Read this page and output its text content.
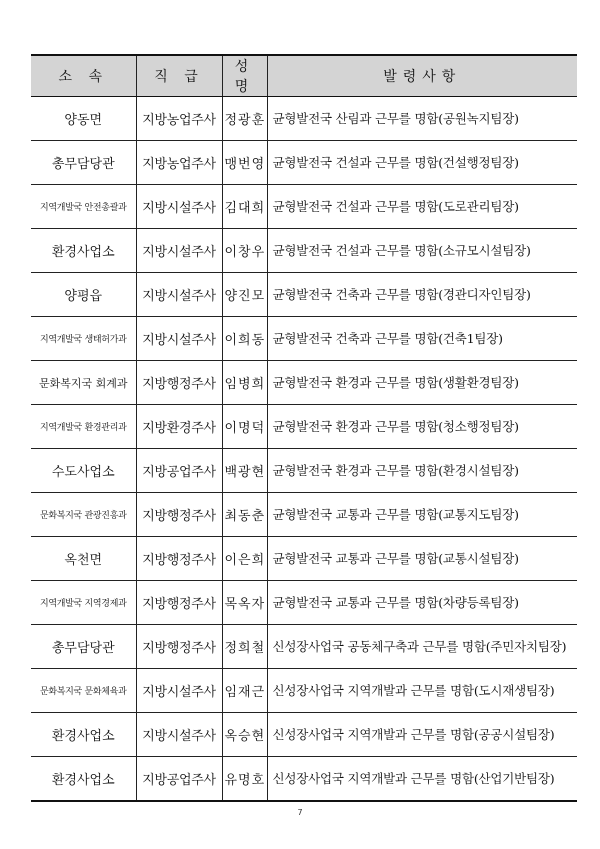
소 속	직 급	성 명	발령사항
양동면	지방농업주사	정광훈	균형발전국 산림과 근무를 명함(공원녹지팀장)
총무담당관	지방농업주사	맹번영	균형발전국 건설과 근무를 명함(건설행정팀장)
지역개발국 안전총괄과	지방시설주사	김대희	균형발전국 건설과 근무를 명함(도로관리팀장)
환경사업소	지방시설주사	이창우	균형발전국 건설과 근무를 명함(소규모시설팀장)
양평읍	지방시설주사	양진모	균형발전국 건축과 근무를 명함(경관디자인팀장)
지역개발국 생태허가과	지방시설주사	이희동	균형발전국 건축과 근무를 명함(건축1팀장)
문화복지국 회계과	지방행정주사	임병희	균형발전국 환경과 근무를 명함(생활환경팀장)
지역개발국 환경관리과	지방환경주사	이명덕	균형발전국 환경과 근무를 명함(청소행정팀장)
수도사업소	지방공업주사	백광현	균형발전국 환경과 근무를 명함(환경시설팀장)
문화복지국 관광진흥과	지방행정주사	최동춘	균형발전국 교통과 근무를 명함(교통지도팀장)
옥천면	지방행정주사	이은희	균형발전국 교통과 근무를 명함(교통시설팀장)
지역개발국 지역경제과	지방행정주사	목옥자	균형발전국 교통과 근무를 명함(차량등록팀장)
총무담당관	지방행정주사	정희철	신성장사업국 공동체구축과 근무를 명함(주민자치팀장)
문화복지국 문화체육과	지방시설주사	임재근	신성장사업국 지역개발과 근무를 명함(도시재생팀장)
환경사업소	지방시설주사	옥승현	신성장사업국 지역개발과 근무를 명함(공공시설팀장)
환경사업소	지방공업주사	유명호	신성장사업국 지역개발과 근무를 명함(산업기반팀장)
7
